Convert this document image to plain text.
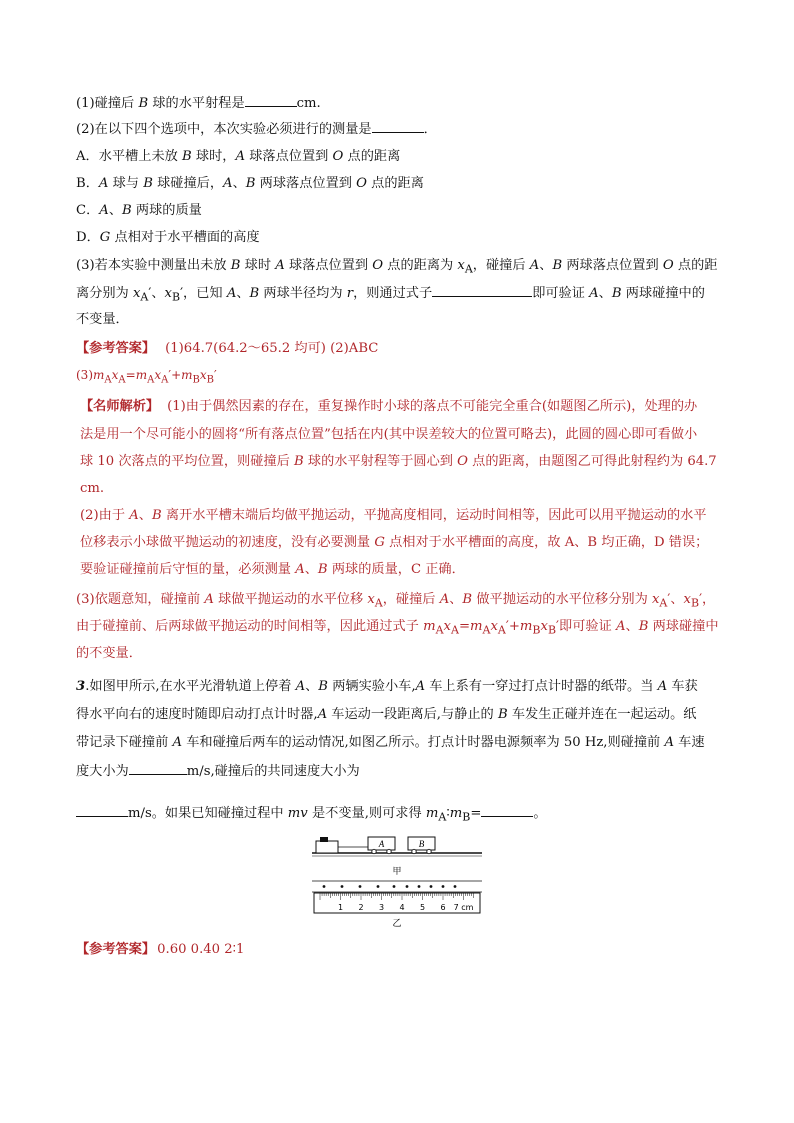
(1)碰撞后 B 球的水平射程是	cm.
(2)在以下四个选项中，本次实验必须进行的测量是	．
A．水平槽上未放 B 球时，A 球落点位置到 O 点的距离
B．A 球与 B 球碰撞后，A、B 两球落点位置到 O 点的距离
C．A、B 两球的质量
D．G 点相对于水平槽面的高度
(3)若本实验中测量出未放 B 球时 A 球落点位置到 O 点的距离为 $x_A$，碰撞后 A、B 两球落点位置到 O 点的距
离分别为 $x_A'$、$x_B'$，已知 A、B 两球半径均为 r，则通过式子	即可验证 A、B 两球碰撞中的
不变量．
【参考答案】 (1)64.7(64.2～65.2 均可) (2)ABC
$(3)m_Ax_A=m_Ax_A'+m_Bx_B'$
【名师解析】 (1)由于偶然因素的存在，重复操作时小球的落点不可能完全重合(如题图乙所示)，处理的办
法是用一个尽可能小的圆将“所有落点位置”包括在内(其中误差较大的位置可略去)，此圆的圆心即可看做小
球 10 次落点的平均位置，则碰撞后 B 球的水平射程等于圆心到 O 点的距离，由题图乙可得此射程约为 64.7
cm.
(2)由于 A、B 离开水平槽末端后均做平抛运动，平抛高度相同，运动时间相等，因此可以用平抛运动的水平
位移表示小球做平抛运动的初速度，没有必要测量 G 点相对于水平槽面的高度，故 A、B 均正确，D 错误；
要验证碰撞前后守恒的量，必须测量 A、B 两球的质量，C 正确．
(3)依题意知，碰撞前 A 球做平抛运动的水平位移 $x_A$，碰撞后 A、B 做平抛运动的水平位移分别为 $x_A'$、$x_B'$，
由于碰撞前、后两球做平抛运动的时间相等，因此通过式子 $m_Ax_A=m_Ax_A'+m_Bx_B'$即可验证 A、B 两球碰撞中
的不变量．
3.如图甲所示,在水平光滑轨道上停着 A、B 两辆实验小车,A 车上系有一穿过打点计时器的纸带。当 A 车获
得水平向右的速度时随即启动打点计时器,A 车运动一段距离后,与静止的 B 车发生正碰并连在一起运动。纸
带记录下碰撞前 A 车和碰撞后两车的运动情况,如图乙所示。打点计时器电源频率为 50 Hz,则碰撞前 A 车速
度大小为	m/s,碰撞后的共同速度大小为
m/s。如果已知碰撞过程中 mv 是不变量,则可求得 $m_A∶m_B=$	。
A	B
甲
1 2 3 4 5 6 7 cm
乙
【参考答案】 0.60 0.40 2∶1
